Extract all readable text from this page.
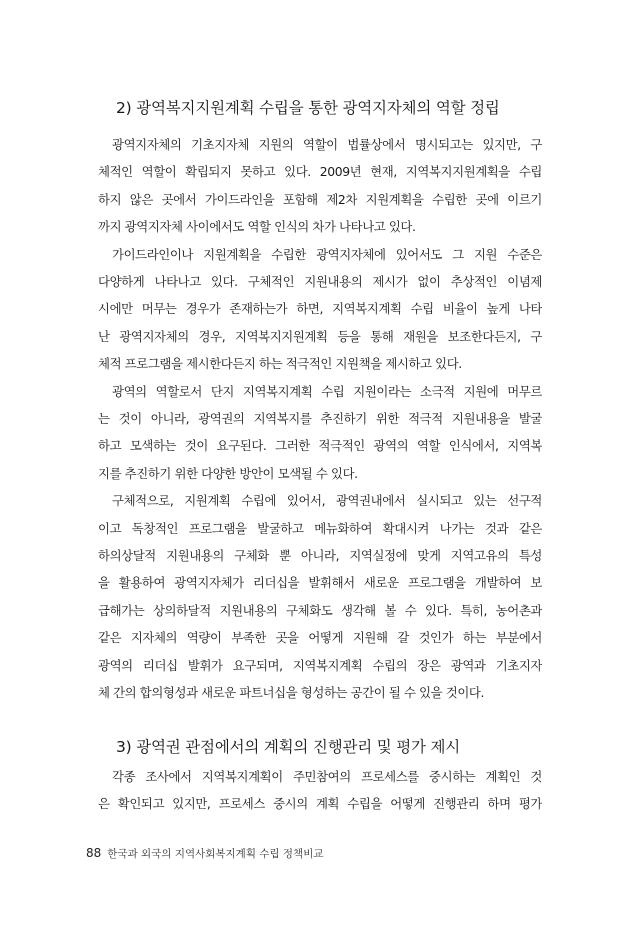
2) 광역복지지원계획 수립을 통한 광역지자체의 역할 정립
광역지자체의 기초지자체 지원의 역할이 법률상에서 명시되고는 있지만, 구
체적인 역할이 확립되지 못하고 있다. 2009년 현재, 지역복지지원계획을 수립
하지 않은 곳에서 가이드라인을 포함해 제2차 지원계획을 수립한 곳에 이르기
까지 광역지자체 사이에서도 역할 인식의 차가 나타나고 있다.
가이드라인이나 지원계획을 수립한 광역지자체에 있어서도 그 지원 수준은
다양하게 나타나고 있다. 구체적인 지원내용의 제시가 없이 추상적인 이념제
시에만 머무는 경우가 존재하는가 하면, 지역복지계획 수립 비율이 높게 나타
난 광역지자체의 경우, 지역복지지원계획 등을 통해 재원을 보조한다든지, 구
체적 프로그램을 제시한다든지 하는 적극적인 지원책을 제시하고 있다.
광역의 역할로서 단지 지역복지계획 수립 지원이라는 소극적 지원에 머무르
는 것이 아니라, 광역권의 지역복지를 추진하기 위한 적극적 지원내용을 발굴
하고 모색하는 것이 요구된다. 그러한 적극적인 광역의 역할 인식에서, 지역복
지를 추진하기 위한 다양한 방안이 모색될 수 있다.
구체적으로, 지원계획 수립에 있어서, 광역권내에서 실시되고 있는 선구적
이고 독창적인 프로그램을 발굴하고 메뉴화하여 확대시켜 나가는 것과 같은
하의상달적 지원내용의 구체화 뿐 아니라, 지역실정에 맞게 지역고유의 특성
을 활용하여 광역지자체가 리더십을 발휘해서 새로운 프로그램을 개발하여 보
급해가는 상의하달적 지원내용의 구체화도 생각해 볼 수 있다. 특히, 농어촌과
같은 지자체의 역량이 부족한 곳을 어떻게 지원해 갈 것인가 하는 부분에서
광역의 리더십 발휘가 요구되며, 지역복지계획 수립의 장은 광역과 기초지자
체 간의 합의형성과 새로운 파트너십을 형성하는 공간이 될 수 있을 것이다.
3) 광역권 관점에서의 계획의 진행관리 및 평가 제시
각종 조사에서 지역복지계획이 주민참여의 프로세스를 중시하는 계획인 것
은 확인되고 있지만, 프로세스 중시의 계획 수립을 어떻게 진행관리 하며 평가
88 한국과 외국의 지역사회복지계획 수립 정책비교
